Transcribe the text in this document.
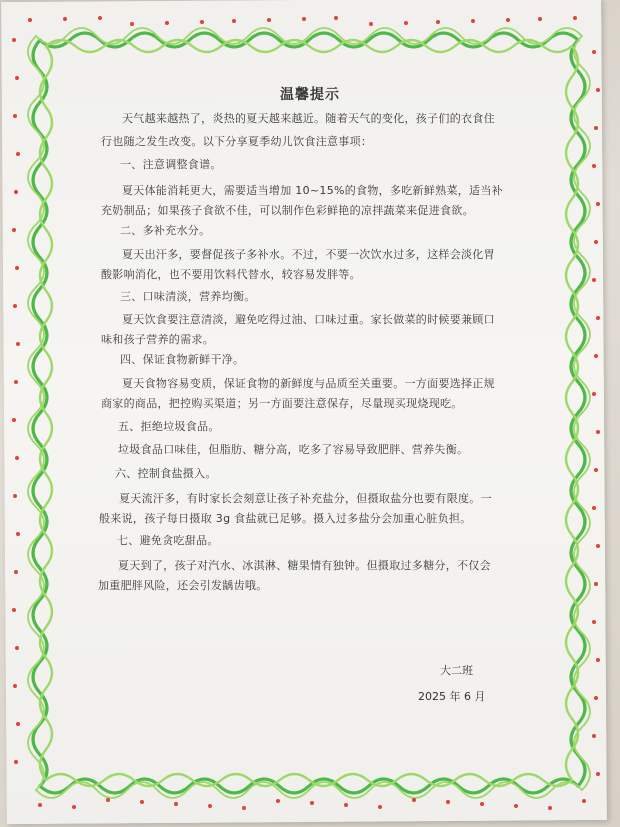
温馨提示
天气越来越热了，炎热的夏天越来越近。随着天气的变化，孩子们的衣食住
行也随之发生改变。以下分享夏季幼儿饮食注意事项：
一、注意调整食谱。
夏天体能消耗更大，需要适当增加 10~15%的食物，多吃新鲜熟菜，适当补
充奶制品；如果孩子食欲不佳，可以制作色彩鲜艳的凉拌蔬菜来促进食欲。
二、多补充水分。
夏天出汗多，要督促孩子多补水。不过，不要一次饮水过多，这样会淡化胃
酸影响消化，也不要用饮料代替水，较容易发胖等。
三、口味清淡，营养均衡。
夏天饮食要注意清淡，避免吃得过油、口味过重。家长做菜的时候要兼顾口
味和孩子营养的需求。
四、保证食物新鲜干净。
夏天食物容易变质，保证食物的新鲜度与品质至关重要。一方面要选择正规
商家的商品，把控购买渠道；另一方面要注意保存，尽量现买现烧现吃。
五、拒绝垃圾食品。
垃圾食品口味佳，但脂肪、糖分高，吃多了容易导致肥胖、营养失衡。
六、控制食盐摄入。
夏天流汗多，有时家长会刻意让孩子补充盐分，但摄取盐分也要有限度。一
般来说，孩子每日摄取 3g 食盐就已足够。摄入过多盐分会加重心脏负担。
七、避免贪吃甜品。
夏天到了，孩子对汽水、冰淇淋、糖果情有独钟。但摄取过多糖分，不仅会
加重肥胖风险，还会引发龋齿哦。
大二班
2025 年 6 月
